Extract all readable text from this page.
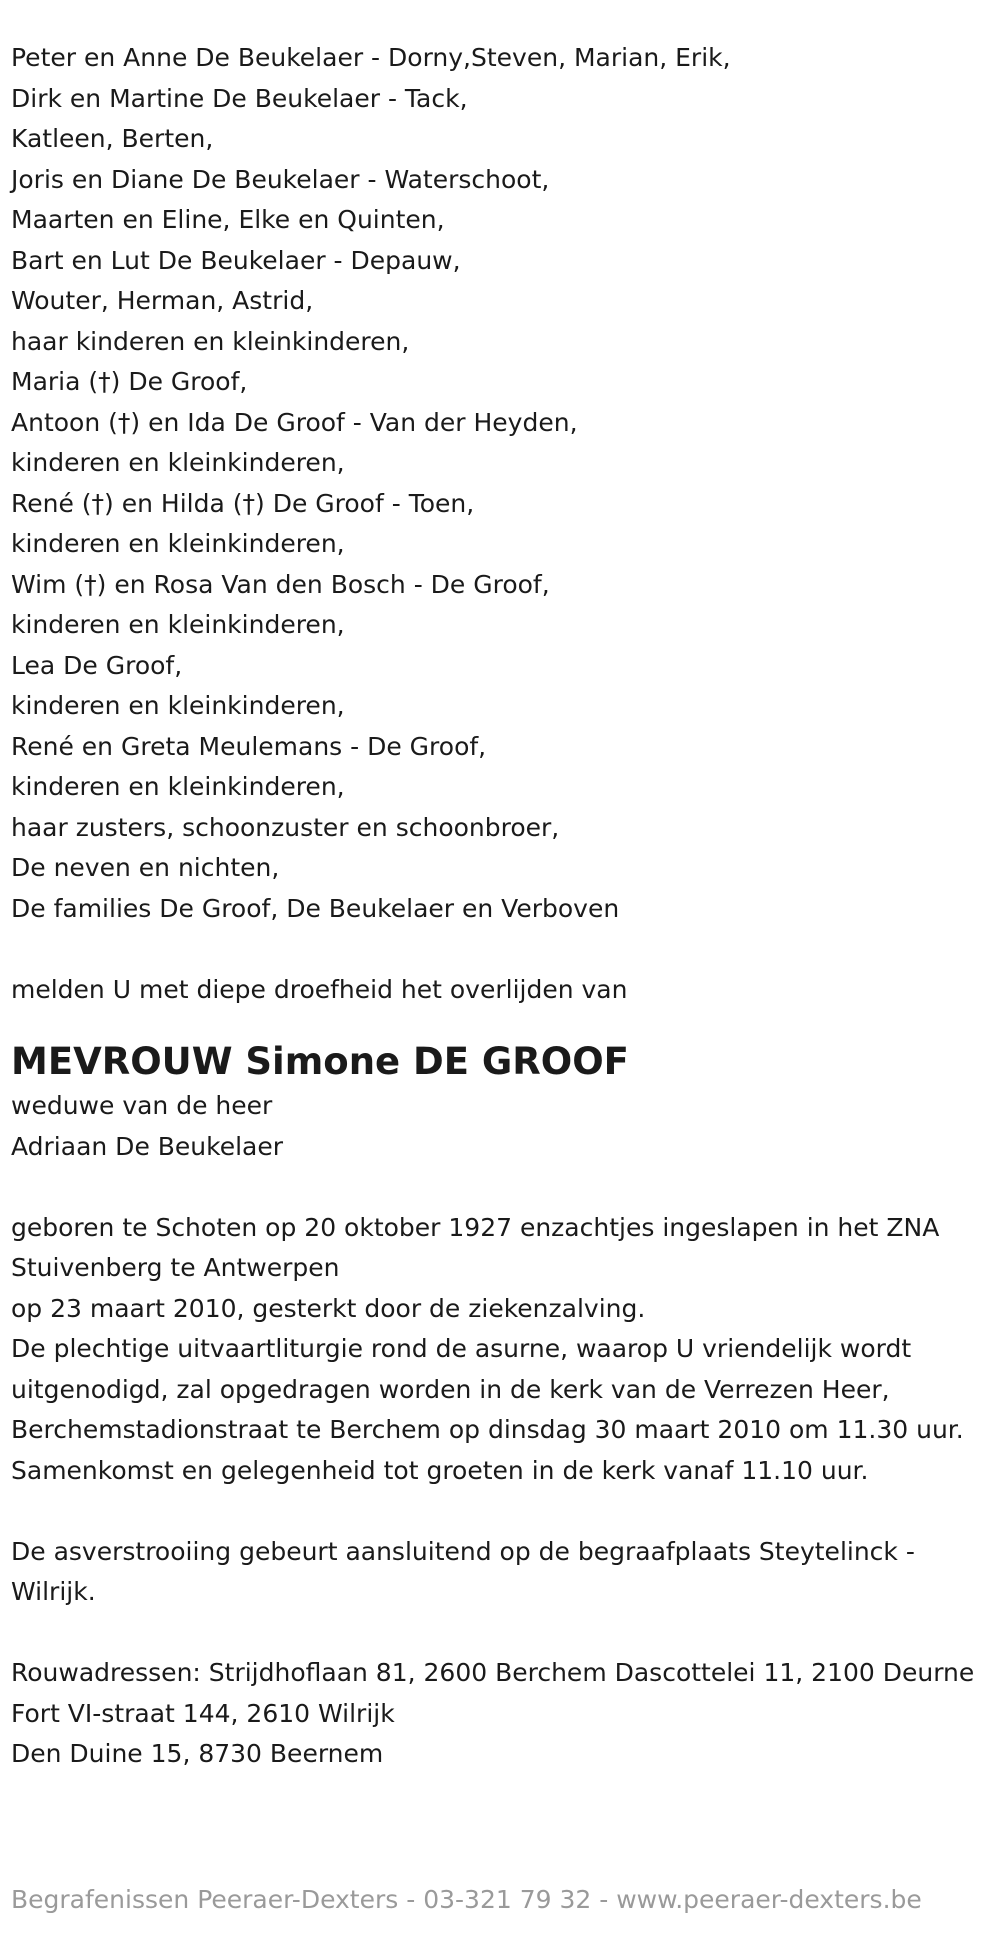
Peter en Anne De Beukelaer - Dorny,Steven, Marian, Erik,
Dirk en Martine De Beukelaer - Tack,
Katleen, Berten,
Joris en Diane De Beukelaer - Waterschoot,
Maarten en Eline, Elke en Quinten,
Bart en Lut De Beukelaer - Depauw,
Wouter, Herman, Astrid,
haar kinderen en kleinkinderen,
Maria (†) De Groof,
Antoon (†) en Ida De Groof - Van der Heyden,
kinderen en kleinkinderen,
René (†) en Hilda (†) De Groof - Toen,
kinderen en kleinkinderen,
Wim (†) en Rosa Van den Bosch - De Groof,
kinderen en kleinkinderen,
Lea De Groof,
kinderen en kleinkinderen,
René en Greta Meulemans - De Groof,
kinderen en kleinkinderen,
haar zusters, schoonzuster en schoonbroer,
De neven en nichten,
De families De Groof, De Beukelaer en Verboven
melden U met diepe droefheid het overlijden van
MEVROUW Simone DE GROOF
weduwe van de heer
Adriaan De Beukelaer
geboren te Schoten op 20 oktober 1927 enzachtjes ingeslapen in het ZNA Stuivenberg te Antwerpen
op 23 maart 2010, gesterkt door de ziekenzalving.
De plechtige uitvaartliturgie rond de asurne, waarop U vriendelijk wordt uitgenodigd, zal opgedragen worden in de kerk van de Verrezen Heer, Berchemstadionstraat te Berchem op dinsdag 30 maart 2010 om 11.30 uur.
Samenkomst en gelegenheid tot groeten in de kerk vanaf 11.10 uur.
De asverstrooiing gebeurt aansluitend op de begraafplaats Steytelinck - Wilrijk.
Rouwadressen: Strijdhoflaan 81, 2600 Berchem Dascottelei 11, 2100 Deurne
Fort VI-straat 144, 2610 Wilrijk
Den Duine 15, 8730 Beernem
Begrafenissen Peeraer-Dexters - 03-321 79 32 - www.peeraer-dexters.be
